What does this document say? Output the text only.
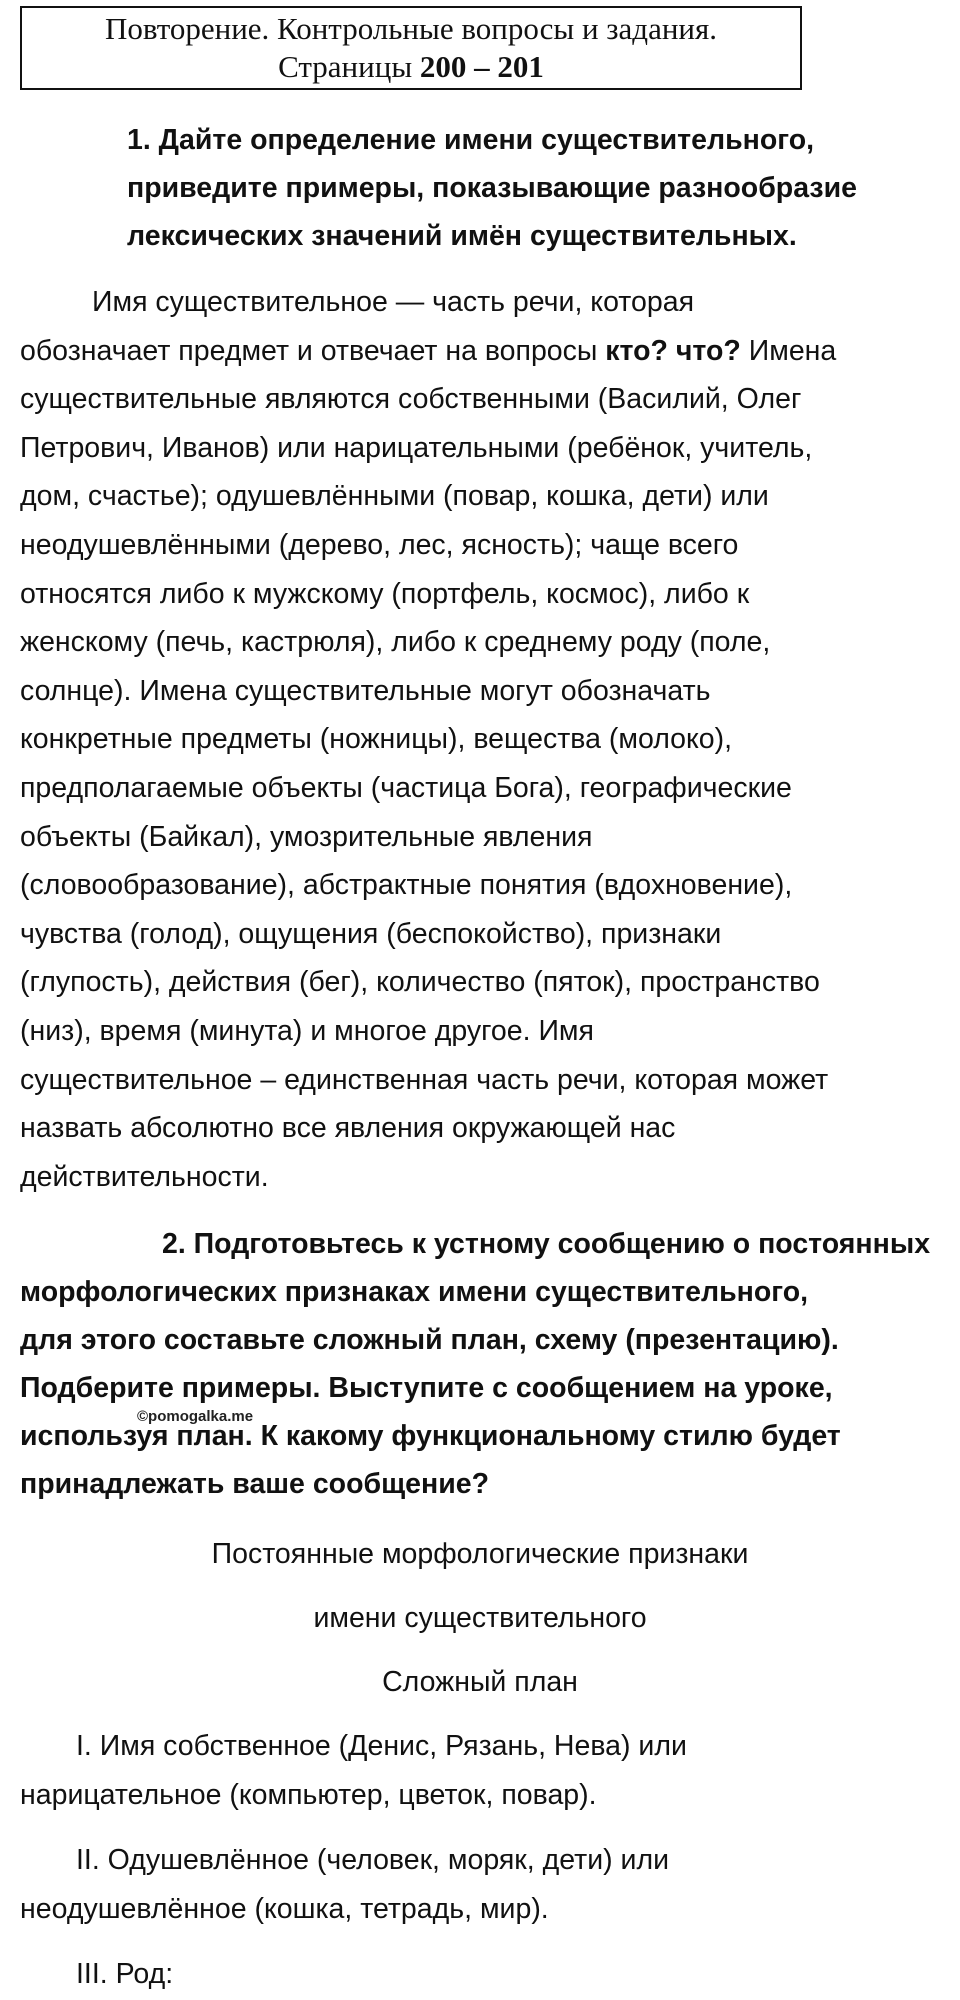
Повторение. Контрольные вопросы и задания.
Страницы 200 – 201
1. Дайте определение имени существительного,
приведите примеры, показывающие разнообразие
лексических значений имён существительных.
Имя существительное — часть речи, которая
обозначает предмет и отвечает на вопросы кто? что? Имена
существительные являются собственными (Василий, Олег
Петрович, Иванов) или нарицательными (ребёнок, учитель,
дом, счастье); одушевлёнными (повар, кошка, дети) или
неодушевлёнными (дерево, лес, ясность); чаще всего
относятся либо к мужскому (портфель, космос), либо к
женскому (печь, кастрюля), либо к среднему роду (поле,
солнце). Имена существительные могут обозначать
конкретные предметы (ножницы), вещества (молоко),
предполагаемые объекты (частица Бога), географические
объекты (Байкал), умозрительные явления
(словообразование), абстрактные понятия (вдохновение),
чувства (голод), ощущения (беспокойство), признаки
(глупость), действия (бег), количество (пяток), пространство
(низ), время (минута) и многое другое. Имя
существительное – единственная часть речи, которая может
назвать абсолютно все явления окружающей нас
действительности.
2. Подготовьтесь к устному сообщению о постоянных
морфологических признаках имени существительного,
для этого составьте сложный план, схему (презентацию).
Подберите примеры. Выступите с сообщением на уроке,
используя план. К какому функциональному стилю будет
принадлежать ваше сообщение?
©pomogalka.me
Постоянные морфологические признаки
имени существительного
Сложный план
I. Имя собственное (Денис, Рязань, Нева) или
нарицательное (компьютер, цветок, повар).
II. Одушевлённое (человек, моряк, дети) или
неодушевлённое (кошка, тетрадь, мир).
III. Род:
